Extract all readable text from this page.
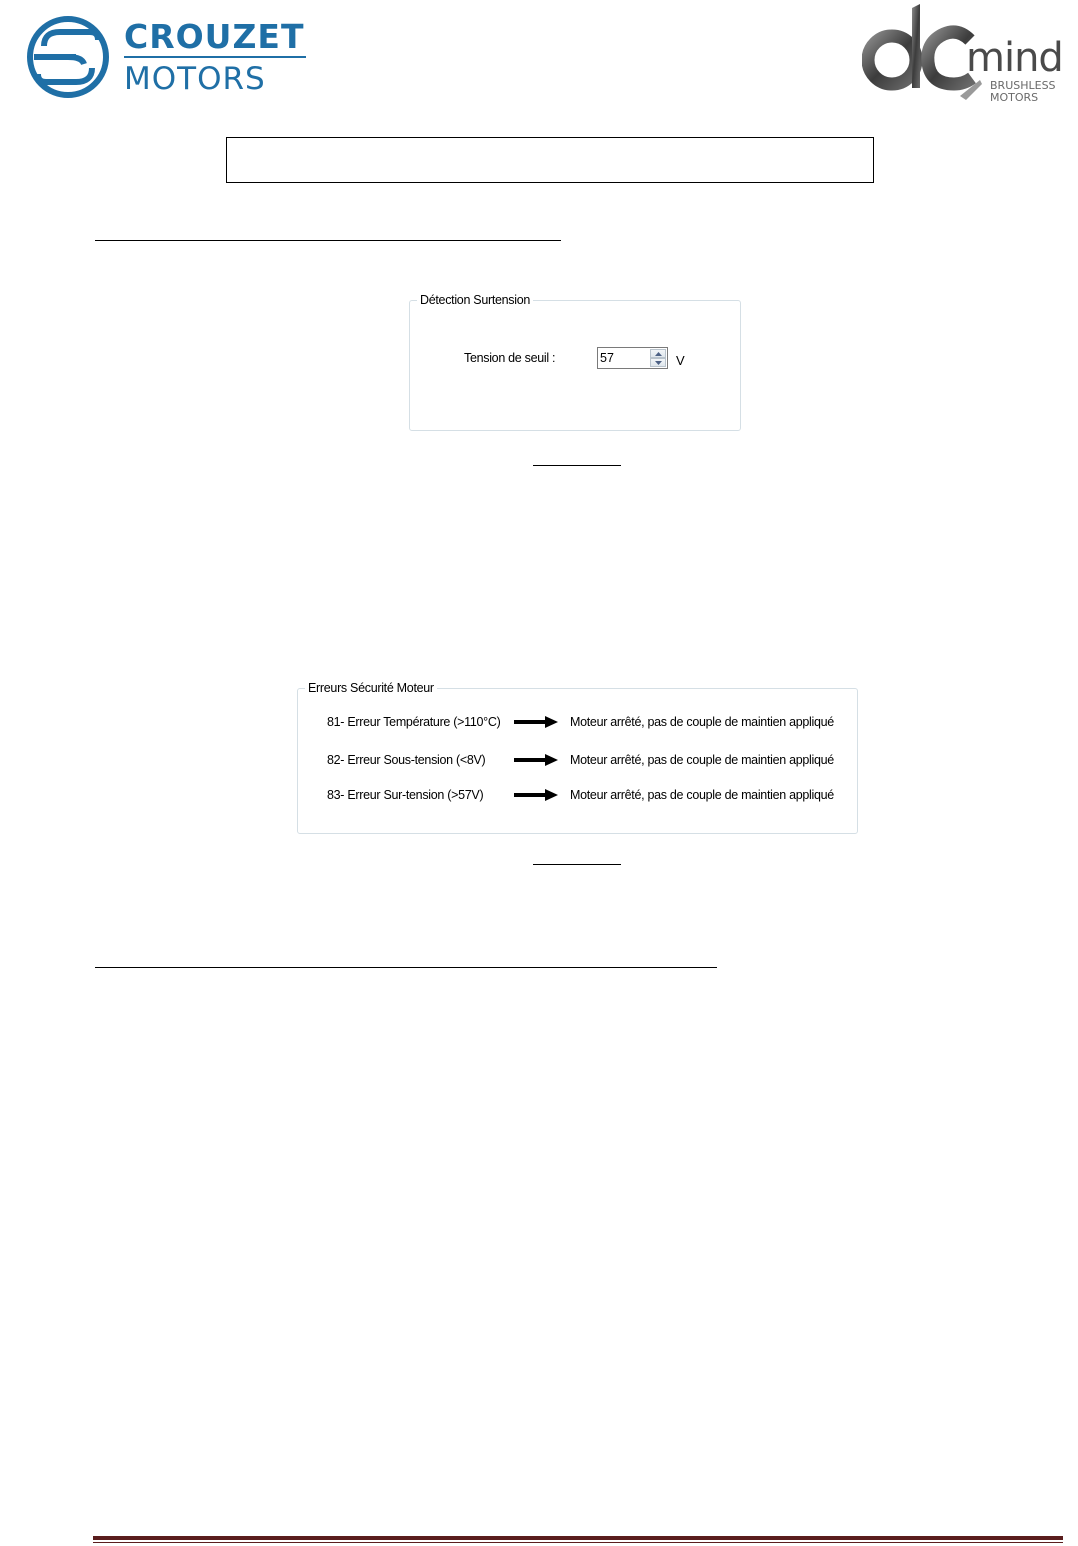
CROUZET
MOTORS	mind
BRUSHLESS
MOTORS
Détection Surtension
Tension de seuil :
57	V
Erreurs Sécurité Moteur
81- Erreur Température (>110°C)	Moteur arrêté, pas de couple de maintien appliqué
82- Erreur Sous-tension (<8V)	Moteur arrêté, pas de couple de maintien appliqué
83- Erreur Sur-tension (>57V)	Moteur arrêté, pas de couple de maintien appliqué
